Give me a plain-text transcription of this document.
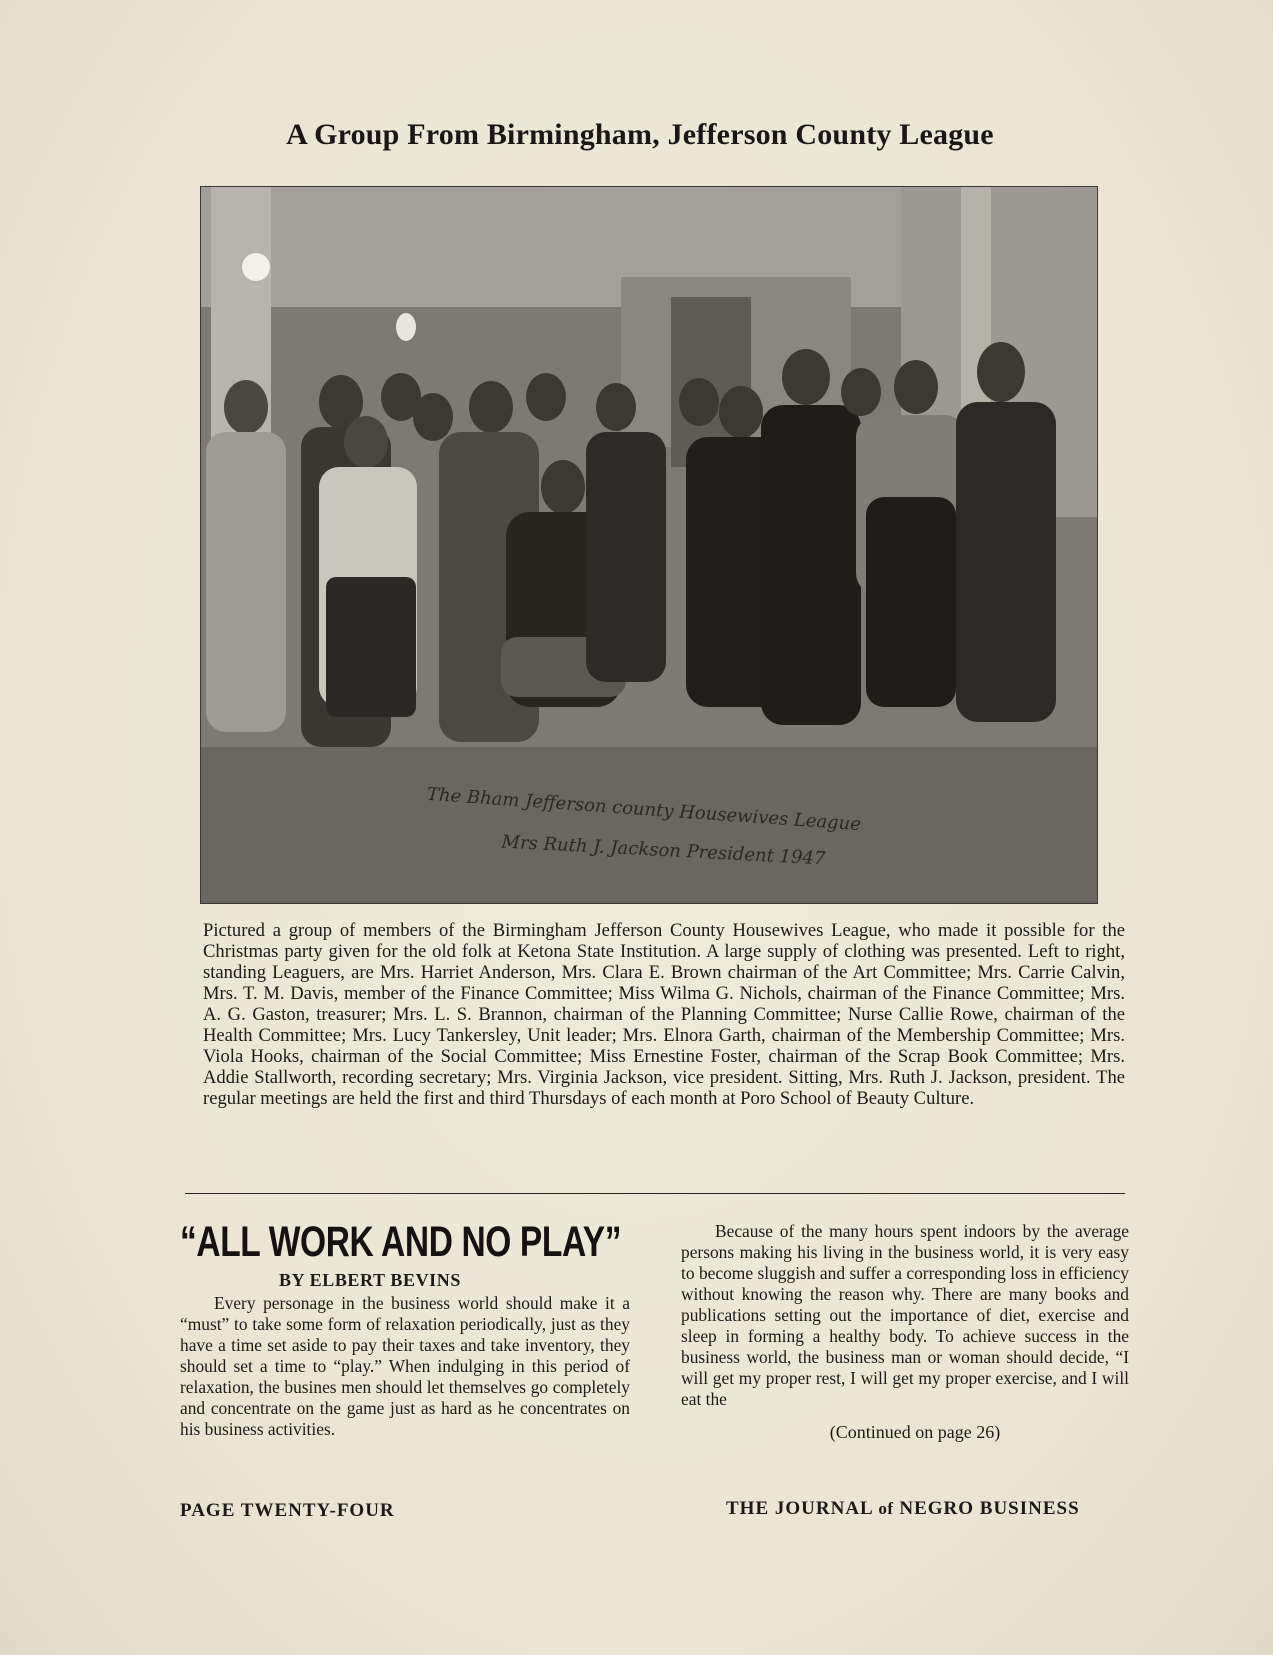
A Group From Birmingham, Jefferson County League
The Bham Jefferson county Housewives League
Mrs Ruth J. Jackson President 1947
Pictured a group of members of the Birmingham Jefferson County Housewives League, who made it possible for the Christmas party given for the old folk at Ketona State Institution. A large supply of clothing was presented. Left to right, standing Leaguers, are Mrs. Harriet Anderson, Mrs. Clara E. Brown chairman of the Art Committee; Mrs. Carrie Calvin, Mrs. T. M. Davis, member of the Finance Committee; Miss Wilma G. Nichols, chairman of the Finance Committee; Mrs. A. G. Gaston, treasurer; Mrs. L. S. Brannon, chairman of the Planning Committee; Nurse Callie Rowe, chairman of the Health Committee; Mrs. Lucy Tankersley, Unit leader; Mrs. Elnora Garth, chairman of the Membership Committee; Mrs. Viola Hooks, chairman of the Social Committee; Miss Ernestine Foster, chairman of the Scrap Book Committee; Mrs. Addie Stallworth, recording secretary; Mrs. Virginia Jackson, vice president. Sitting, Mrs. Ruth J. Jackson, president. The regular meetings are held the first and third Thursdays of each month at Poro School of Beauty Culture.
“ALL WORK AND NO PLAY”
BY ELBERT BEVINS
Every personage in the business world should make it a “must” to take some form of relaxation periodically, just as they have a time set aside to pay their taxes and take inventory, they should set a time to “play.” When indulging in this period of relaxation, the busines men should let themselves go completely and concentrate on the game just as hard as he concentrates on his business activities.
Because of the many hours spent indoors by the average persons making his living in the business world, it is very easy to become sluggish and suffer a corresponding loss in efficiency without knowing the reason why. There are many books and publications setting out the importance of diet, exercise and sleep in forming a healthy body. To achieve success in the business world, the business man or woman should decide, “I will get my proper rest, I will get my proper exercise, and I will eat the
(Continued on page 26)
PAGE TWENTY-FOUR	THE JOURNAL of NEGRO BUSINESS
